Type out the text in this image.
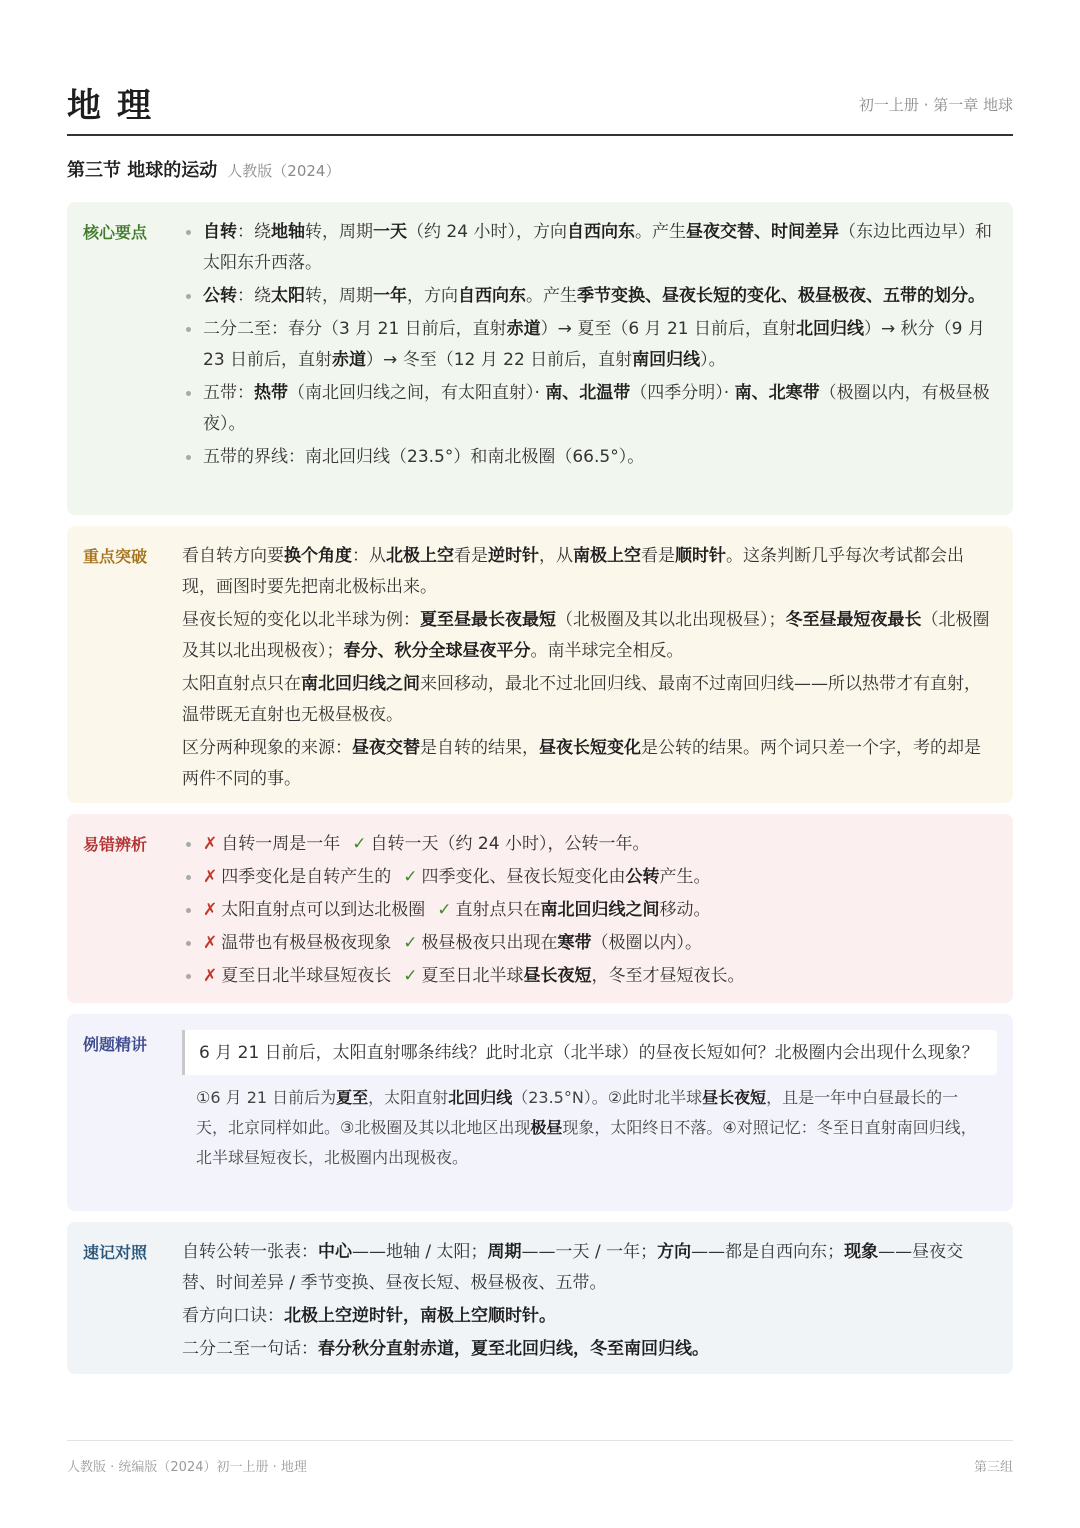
地理	初一上册 · 第一章 地球
第三节 地球的运动 人教版（2024）
核心要点	自转：绕地轴转，周期一天（约 24 小时），方向自西向东。产生昼夜交替、时间差异（东边比西边早）和太阳东升西落。
公转：绕太阳转，周期一年，方向自西向东。产生季节变换、昼夜长短的变化、极昼极夜、五带的划分。
二分二至：春分（3 月 21 日前后，直射赤道）→ 夏至（6 月 21 日前后，直射北回归线）→ 秋分（9 月 23 日前后，直射赤道）→ 冬至（12 月 22 日前后，直射南回归线）。
五带：热带（南北回归线之间，有太阳直射）· 南、北温带（四季分明）· 南、北寒带（极圈以内，有极昼极夜）。
五带的界线：南北回归线（23.5°）和南北极圈（66.5°）。
重点突破 看自转方向要换个角度：从北极上空看是逆时针，从南极上空看是顺时针。这条判断几乎每次考试都会出现，画图时要先把南北极标出来。
昼夜长短的变化以北半球为例：夏至昼最长夜最短（北极圈及其以北出现极昼）；冬至昼最短夜最长（北极圈及其以北出现极夜）；春分、秋分全球昼夜平分。南半球完全相反。
太阳直射点只在南北回归线之间来回移动，最北不过北回归线、最南不过南回归线——所以热带才有直射，温带既无直射也无极昼极夜。
区分两种现象的来源：昼夜交替是自转的结果，昼夜长短变化是公转的结果。两个词只差一个字，考的却是两件不同的事。
易错辨析	✗ 自转一周是一年 ✓ 自转一天（约 24 小时），公转一年。
✗ 四季变化是自转产生的 ✓ 四季变化、昼夜长短变化由公转产生。
✗ 太阳直射点可以到达北极圈 ✓ 直射点只在南北回归线之间移动。
✗ 温带也有极昼极夜现象 ✓ 极昼极夜只出现在寒带（极圈以内）。
✗ 夏至日北半球昼短夜长 ✓ 夏至日北半球昼长夜短，冬至才昼短夜长。
例题精讲	6 月 21 日前后，太阳直射哪条纬线？此时北京（北半球）的昼夜长短如何？北极圈内会出现什么现象？
①6 月 21 日前后为夏至，太阳直射北回归线（23.5°N）。②此时北半球昼长夜短，且是一年中白昼最长的一天，北京同样如此。③北极圈及其以北地区出现极昼现象，太阳终日不落。④对照记忆：冬至日直射南回归线，北半球昼短夜长，北极圈内出现极夜。
速记对照 自转公转一张表：中心——地轴 / 太阳；周期——一天 / 一年；方向——都是自西向东；现象——昼夜交替、时间差异 / 季节变换、昼夜长短、极昼极夜、五带。
看方向口诀：北极上空逆时针，南极上空顺时针。
二分二至一句话：春分秋分直射赤道，夏至北回归线，冬至南回归线。
人教版 · 统编版（2024）初一上册 · 地理	第三组
